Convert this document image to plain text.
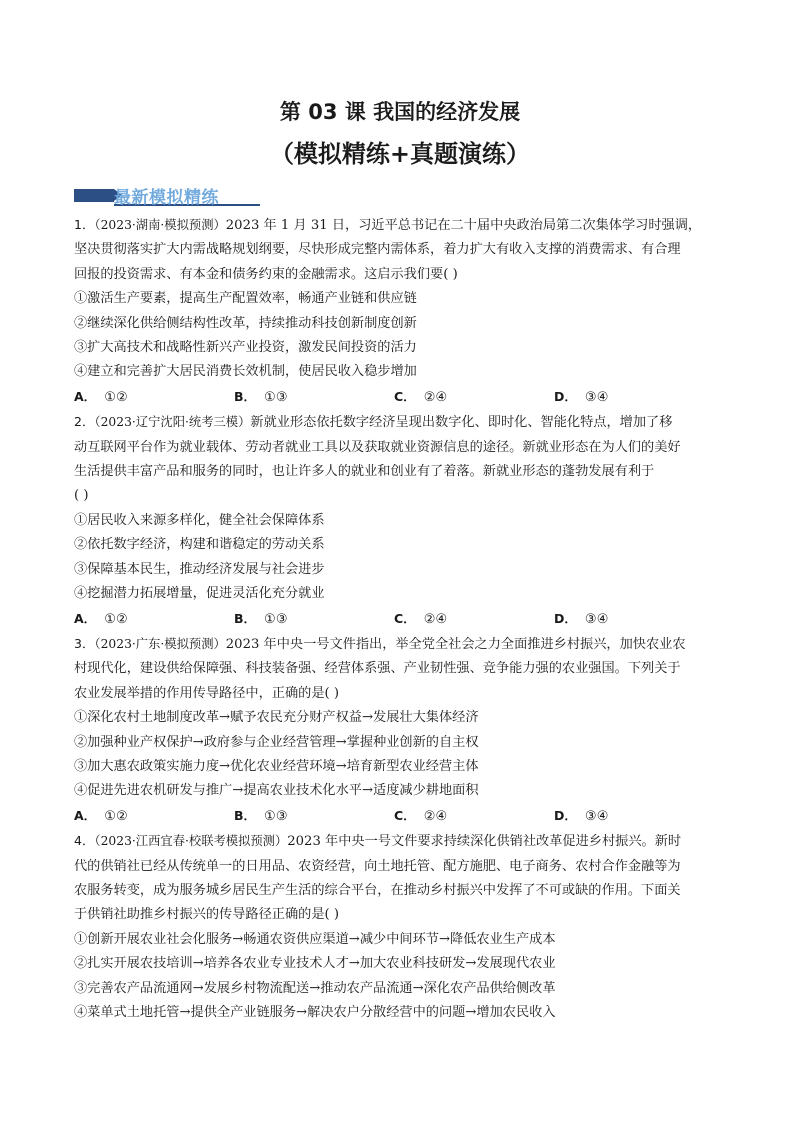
第 03 课 我国的经济发展
（模拟精练+真题演练）
最新模拟精练
1．（2023·湖南·模拟预测）2023 年 1 月 31 日，习近平总书记在二十届中央政治局第二次集体学习时强调，
坚决贯彻落实扩大内需战略规划纲要，尽快形成完整内需体系，着力扩大有收入支撑的消费需求、有合理
回报的投资需求、有本金和债务约束的金融需求。这启示我们要( )
①激活生产要素，提高生产配置效率，畅通产业链和供应链
②继续深化供给侧结构性改革，持续推动科技创新制度创新
③扩大高技术和战略性新兴产业投资，激发民间投资的活力
④建立和完善扩大居民消费长效机制，使居民收入稳步增加
A． ①②	B． ①③	C． ②④	D． ③④
2．（2023·辽宁沈阳·统考三模）新就业形态依托数字经济呈现出数字化、即时化、智能化特点，增加了移
动互联网平台作为就业载体、劳动者就业工具以及获取就业资源信息的途径。新就业形态在为人们的美好
生活提供丰富产品和服务的同时，也让许多人的就业和创业有了着落。新就业形态的蓬勃发展有利于
( )
①居民收入来源多样化，健全社会保障体系
②依托数字经济，构建和谐稳定的劳动关系
③保障基本民生，推动经济发展与社会进步
④挖掘潜力拓展增量，促进灵活化充分就业
A． ①②	B． ①③	C． ②④	D． ③④
3．（2023·广东·模拟预测）2023 年中央一号文件指出，举全党全社会之力全面推进乡村振兴，加快农业农
村现代化，建设供给保障强、科技装备强、经营体系强、产业韧性强、竞争能力强的农业强国。下列关于
农业发展举措的作用传导路径中，正确的是( )
①深化农村土地制度改革→赋予农民充分财产权益→发展壮大集体经济
②加强种业产权保护→政府参与企业经营管理→掌握种业创新的自主权
③加大惠农政策实施力度→优化农业经营环境→培育新型农业经营主体
④促进先进农机研发与推广→提高农业技术化水平→适度减少耕地面积
A． ①②	B． ①③	C． ②④	D． ③④
4．（2023·江西宜春·校联考模拟预测）2023 年中央一号文件要求持续深化供销社改革促进乡村振兴。新时
代的供销社已经从传统单一的日用品、农资经营，向土地托管、配方施肥、电子商务、农村合作金融等为
农服务转变，成为服务城乡居民生产生活的综合平台，在推动乡村振兴中发挥了不可或缺的作用。下面关
于供销社助推乡村振兴的传导路径正确的是( )
①创新开展农业社会化服务→畅通农资供应渠道→减少中间环节→降低农业生产成本
②扎实开展农技培训→培养各农业专业技术人才→加大农业科技研发→发展现代农业
③完善农产品流通网→发展乡村物流配送→推动农产品流通→深化农产品供给侧改革
④菜单式土地托管→提供全产业链服务→解决农户分散经营中的问题→增加农民收入
